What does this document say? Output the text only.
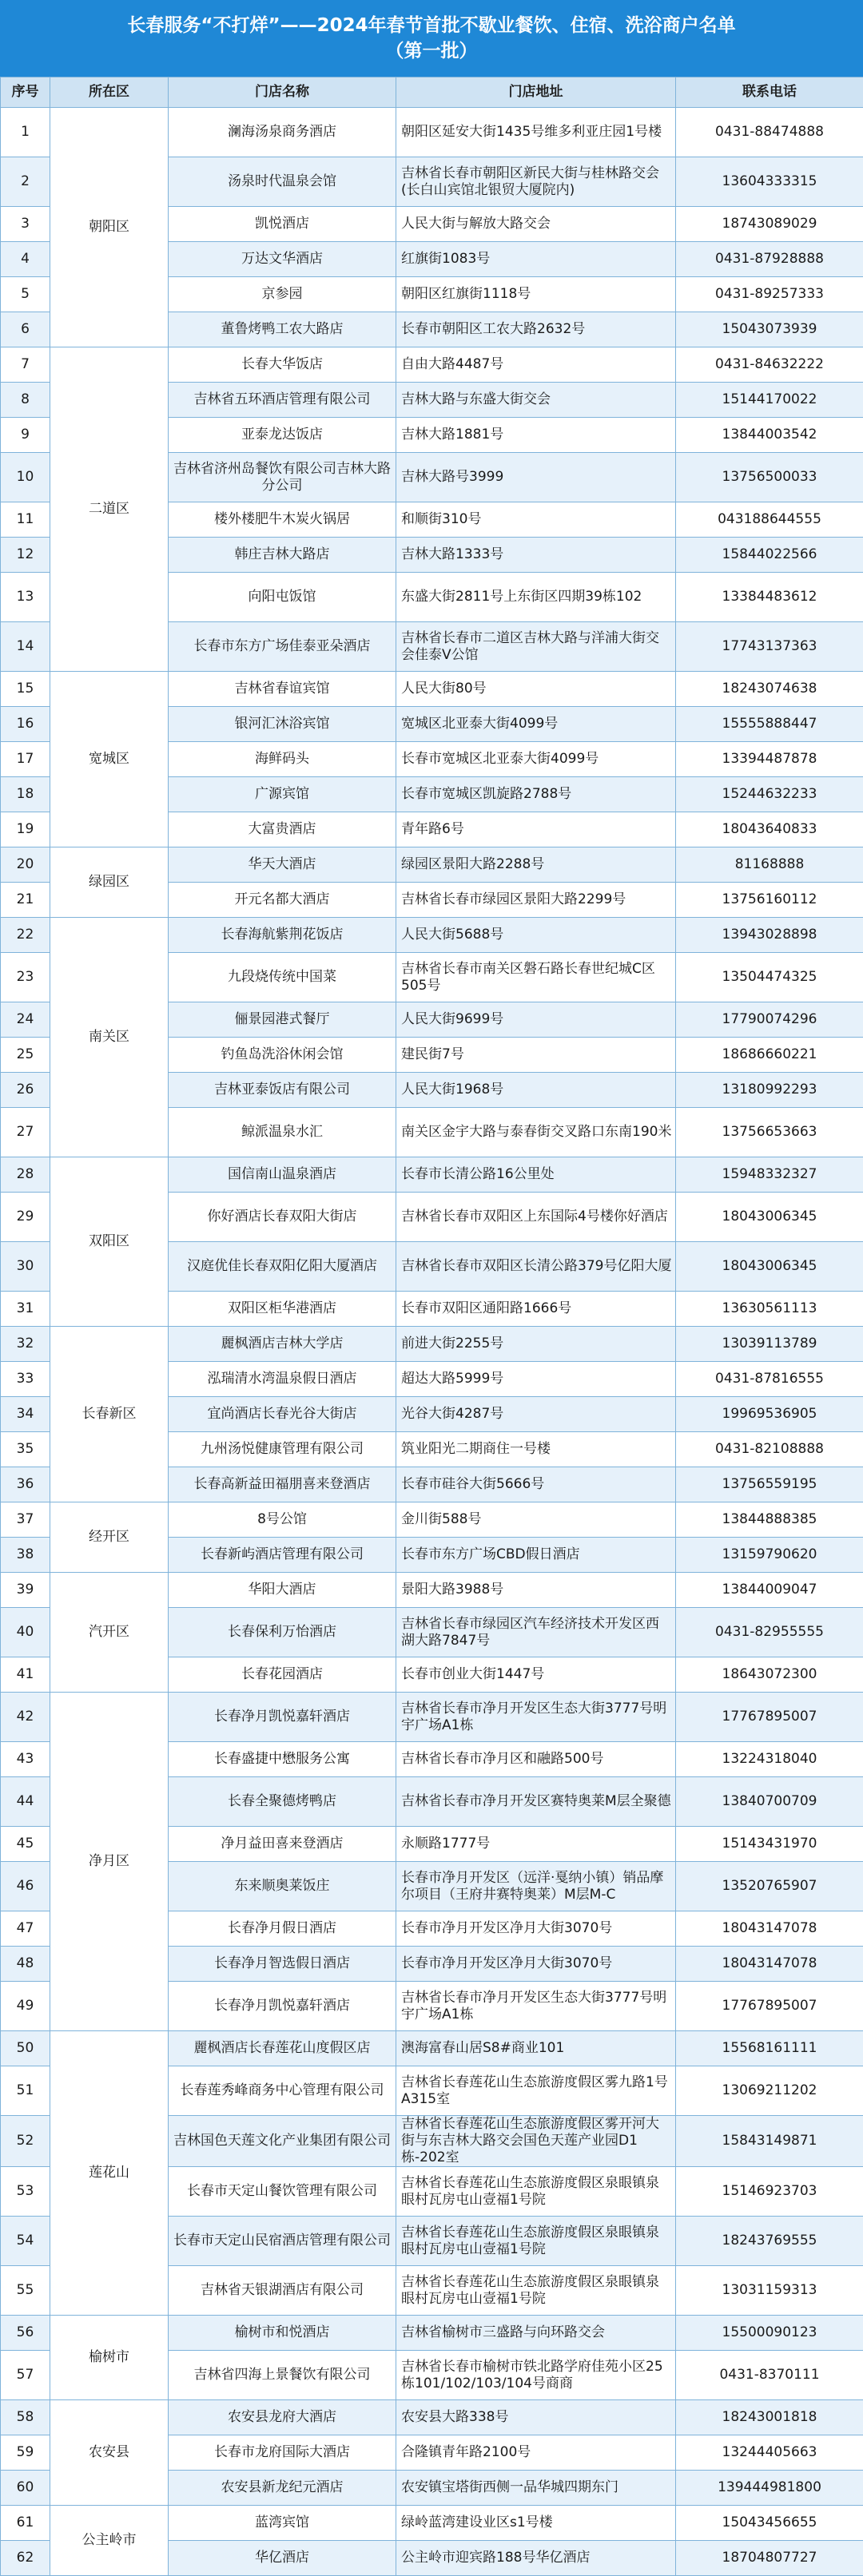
长春服务“不打烊”——2024年春节首批不歇业餐饮、住宿、洗浴商户名单
（第一批）
序号	所在区	门店名称	门店地址	联系电话
1	朝阳区	澜海汤泉商务酒店	朝阳区延安大街1435号维多利亚庄园1号楼	0431-88474888
2		汤泉时代温泉会馆	吉林省长春市朝阳区新民大街与桂林路交会(长白山宾馆北银贸大厦院内)	13604333315
3		凯悦酒店	人民大街与解放大路交会	18743089029
4		万达文华酒店	红旗街1083号	0431-87928888
5		京参园	朝阳区红旗街1118号	0431-89257333
6		董鲁烤鸭工农大路店	长春市朝阳区工农大路2632号	15043073939
7	二道区	长春大华饭店	自由大路4487号	0431-84632222
8		吉林省五环酒店管理有限公司	吉林大路与东盛大街交会	15144170022
9		亚泰龙达饭店	吉林大路1881号	13844003542
10		吉林省济州岛餐饮有限公司吉林大路分公司	吉林大路号3999	13756500033
11		楼外楼肥牛木炭火锅居	和顺街310号	043188644555
12		韩庄吉林大路店	吉林大路1333号	15844022566
13		向阳屯饭馆	东盛大街2811号上东街区四期39栋102	13384483612
14		长春市东方广场佳泰亚朵酒店	吉林省长春市二道区吉林大路与洋浦大街交会佳泰V公馆	17743137363
15	宽城区	吉林省春谊宾馆	人民大街80号	18243074638
16		银河汇沐浴宾馆	宽城区北亚泰大街4099号	15555888447
17		海鲜码头	长春市宽城区北亚泰大街4099号	13394487878
18		广源宾馆	长春市宽城区凯旋路2788号	15244632233
19		大富贵酒店	青年路6号	18043640833
20	绿园区	华天大酒店	绿园区景阳大路2288号	81168888
21		开元名都大酒店	吉林省长春市绿园区景阳大路2299号	13756160112
22	南关区	长春海航紫荆花饭店	人民大街5688号	13943028898
23		九段烧传统中国菜	吉林省长春市南关区磐石路长春世纪城C区505号	13504474325
24		俪景园港式餐厅	人民大街9699号	17790074296
25		钓鱼岛洗浴休闲会馆	建民街7号	18686660221
26		吉林亚泰饭店有限公司	人民大街1968号	13180992293
27		鲸派温泉水汇	南关区金宇大路与泰春街交叉路口东南190米	13756653663
28	双阳区	国信南山温泉酒店	长春市长清公路16公里处	15948332327
29		你好酒店长春双阳大街店	吉林省长春市双阳区上东国际4号楼你好酒店	18043006345
30		汉庭优佳长春双阳亿阳大厦酒店	吉林省长春市双阳区长清公路379号亿阳大厦	18043006345
31		双阳区柜华港酒店	长春市双阳区通阳路1666号	13630561113
32	长春新区	麗枫酒店吉林大学店	前进大街2255号	13039113789
33		泓瑞清水湾温泉假日酒店	超达大路5999号	0431-87816555
34		宜尚酒店长春光谷大街店	光谷大街4287号	19969536905
35		九州汤悦健康管理有限公司	筑业阳光二期商住一号楼	0431-82108888
36		长春高新益田福朋喜来登酒店	长春市硅谷大街5666号	13756559195
37	经开区	8号公馆	金川街588号	13844888385
38		长春新屿酒店管理有限公司	长春市东方广场CBD假日酒店	13159790620
39	汽开区	华阳大酒店	景阳大路3988号	13844009047
40		长春保利万怡酒店	吉林省长春市绿园区汽车经济技术开发区西湖大路7847号	0431-82955555
41		长春花园酒店	长春市创业大街1447号	18643072300
42	净月区	长春净月凯悦嘉轩酒店	吉林省长春市净月开发区生态大街3777号明宇广场A1栋	17767895007
43		长春盛捷中懋服务公寓	吉林省长春市净月区和融路500号	13224318040
44		长春全聚德烤鸭店	吉林省长春市净月开发区赛特奥莱M层全聚德	13840700709
45		净月益田喜来登酒店	永顺路1777号	15143431970
46		东来顺奥莱饭庄	长春市净月开发区（远洋·戛纳小镇）销品摩尔项目（王府井赛特奥莱）M层M-C	13520765907
47		长春净月假日酒店	长春市净月开发区净月大街3070号	18043147078
48		长春净月智选假日酒店	长春市净月开发区净月大街3070号	18043147078
49		长春净月凯悦嘉轩酒店	吉林省长春市净月开发区生态大街3777号明宇广场A1栋	17767895007
50	莲花山	麗枫酒店长春莲花山度假区店	澳海富春山居S8#商业101	15568161111
51		长春莲秀峰商务中心管理有限公司	吉林省长春莲花山生态旅游度假区雾九路1号A315室	13069211202
52		吉林国色天莲文化产业集团有限公司	吉林省长春莲花山生态旅游度假区雾开河大街与东吉林大路交会国色天莲产业园D1栋-202室	15843149871
53		长春市天定山餐饮管理有限公司	吉林省长春莲花山生态旅游度假区泉眼镇泉眼村瓦房屯山壹福1号院	15146923703
54		长春市天定山民宿酒店管理有限公司	吉林省长春莲花山生态旅游度假区泉眼镇泉眼村瓦房屯山壹福1号院	18243769555
55		吉林省天银湖酒店有限公司	吉林省长春莲花山生态旅游度假区泉眼镇泉眼村瓦房屯山壹福1号院	13031159313
56	榆树市	榆树市和悦酒店	吉林省榆树市三盛路与向环路交会	15500090123
57		吉林省四海上景餐饮有限公司	吉林省长春市榆树市铁北路学府佳苑小区25栋101/102/103/104号商商	0431-8370111
58	农安县	农安县龙府大酒店	农安县大路338号	18243001818
59		长春市龙府国际大酒店	合隆镇青年路2100号	13244405663
60		农安县新龙纪元酒店	农安镇宝塔街西侧一品华城四期东门	139444981800
61	公主岭市	蓝湾宾馆	绿岭蓝湾建设业区s1号楼	15043456655
62		华亿酒店	公主岭市迎宾路188号华亿酒店	18704807727
